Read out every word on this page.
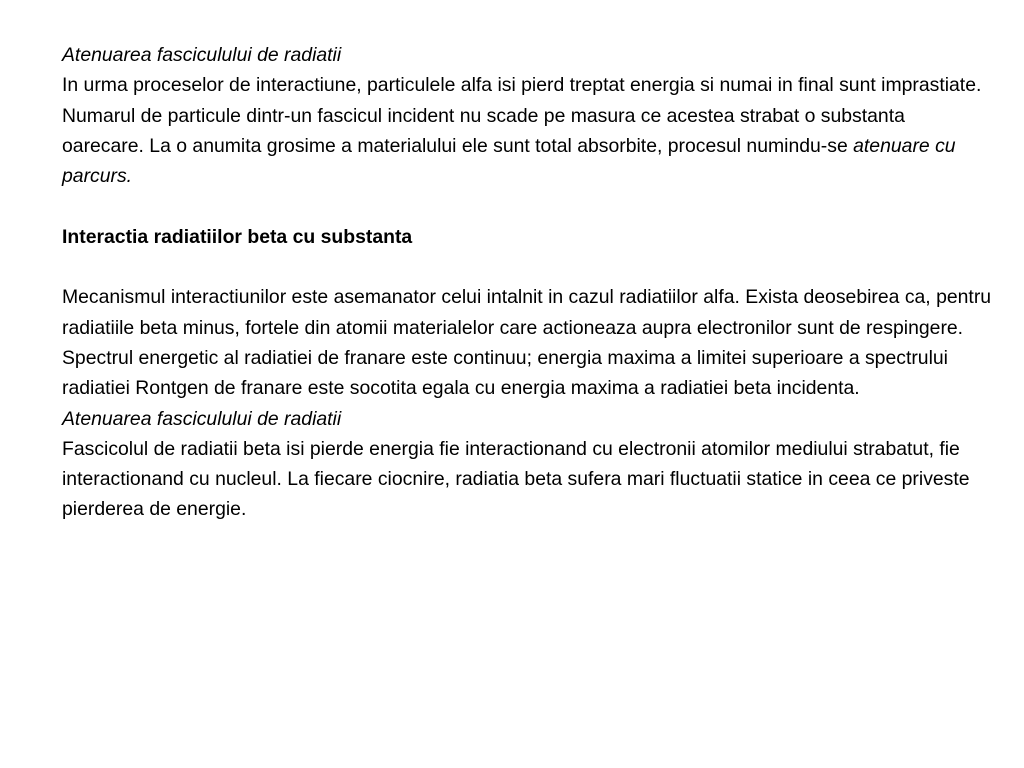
Atenuarea fasciculului de radiatii

In urma proceselor de interactiune, particulele alfa isi pierd treptat energia si numai in final sunt imprastiate. Numarul de particule dintr-un fascicul incident nu scade pe masura ce acestea strabat o substanta oarecare. La o anumita grosime a materialului ele sunt total absorbite, procesul numindu-se atenuare cu parcurs.

Interactia radiatiilor beta cu substanta

Mecanismul interactiunilor este asemanator celui intalnit in cazul radiatiilor alfa. Exista deosebirea ca, pentru radiatiile beta minus, fortele din atomii materialelor care actioneaza aupra electronilor sunt de respingere. Spectrul energetic al radiatiei de franare este continuu; energia maxima a limitei superioare a spectrului radiatiei Rontgen de franare este socotita egala cu energia maxima a radiatiei beta incidenta.

Atenuarea fasciculului de radiatii

Fascicolul de radiatii beta isi pierde energia fie interactionand cu electronii atomilor mediului strabatut, fie interactionand cu nucleul. La fiecare ciocnire, radiatia beta sufera mari fluctuatii statice in ceea ce priveste pierderea de energie.
